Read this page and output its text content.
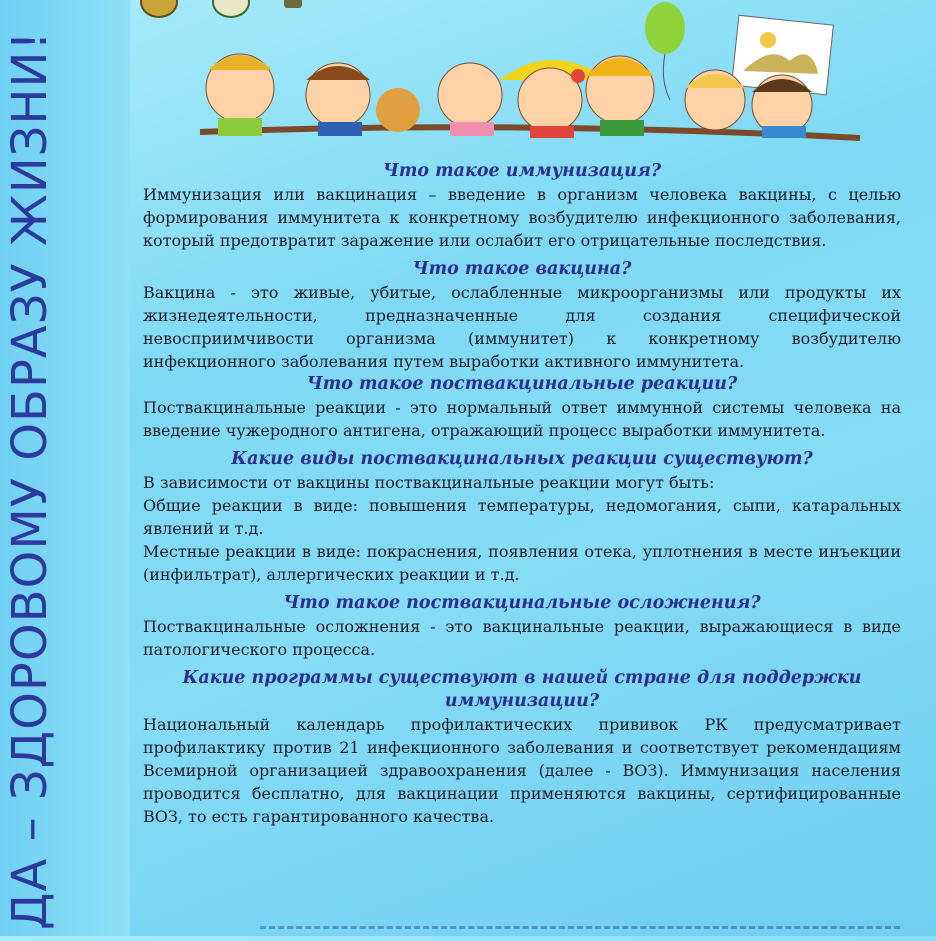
ДА – ЗДОРОВОМУ ОБРАЗУ ЖИЗНИ!	Что такое иммунизация?

Иммунизация или вакцинация – введение в организм человека вакцины, с целью формирования иммунитета к конкретному возбудителю инфекционного заболевания, который предотвратит заражение или ослабит его отрицательные последствия.

Что такое вакцина?

Вакцина - это живые, убитые, ослабленные микроорганизмы или продукты их жизнедеятельности, предназначенные для создания специфической невосприимчивости организма (иммунитет) к конкретному возбудителю инфекционного заболевания путем выработки активного иммунитета.

Что такое поствакцинальные реакции?

Поствакцинальные реакции - это нормальный ответ иммунной системы человека на введение чужеродного антигена, отражающий процесс выработки иммунитета.

Какие виды поствакцинальных реакции существуют?

В зависимости от вакцины поствакцинальные реакции могут быть:

Общие реакции в виде: повышения температуры, недомогания, сыпи, катаральных явлений и т.д.

Местные реакции в виде: покраснения, появления отека, уплотнения в месте инъекции (инфильтрат), аллергических реакции и т.д.

Что такое поствакцинальные осложнения?

Поствакцинальные осложнения - это вакцинальные реакции, выражающиеся в виде патологического процесса.

Какие программы существуют в нашей стране для поддержки иммунизации?

Национальный календарь профилактических прививок РК предусматривает профилактику против 21 инфекционного заболевания и соответствует рекомендациям Всемирной организацией здравоохранения (далее - ВОЗ). Иммунизация населения проводится бесплатно, для вакцинации применяются вакцины, сертифицированные ВОЗ, то есть гарантированного качества.
